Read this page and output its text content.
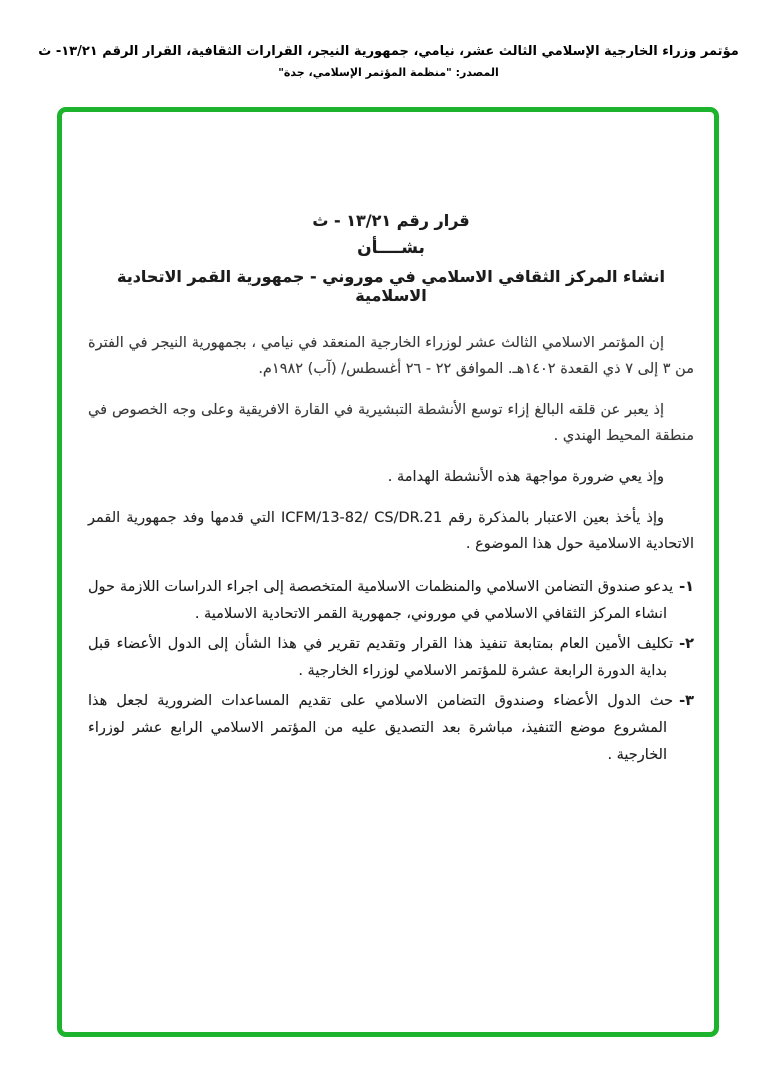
مؤتمر وزراء الخارجية الإسلامي الثالث عشر، نيامي، جمهورية النيجر، القرارات الثقافية، القرار الرقم ١٣/٢١- ث
المصدر: "منظمة المؤتمر الإسلامي، جدة"
قرار رقم ١٣/٢١ - ث
بشــــأن
انشاء المركز الثقافي الاسلامي في موروني - جمهورية القمر الاتحادية الاسلامية

إن المؤتمر الاسلامي الثالث عشر لوزراء الخارجية المنعقد في نيامي ، بجمهورية النيجر في الفترة من ٣ إلى ٧ ذي القعدة ١٤٠٢هـ. الموافق ٢٢ - ٢٦ أغسطس/ (آب) ١٩٨٢م.

إذ يعبر عن قلقه البالغ إزاء توسع الأنشطة التبشيرية في القارة الافريقية وعلى وجه الخصوص في منطقة المحيط الهندي .

وإذ يعي ضرورة مواجهة هذه الأنشطة الهدامة .

وإذ يأخذ بعين الاعتبار بالمذكرة رقم ICFM/13-82/ CS/DR.21 التي قدمها وفد جمهورية القمر الاتحادية الاسلامية حول هذا الموضوع .

١-يدعو صندوق التضامن الاسلامي والمنظمات الاسلامية المتخصصة إلى اجراء الدراسات اللازمة حول انشاء المركز الثقافي الاسلامي في موروني، جمهورية القمر الاتحادية الاسلامية .
٢-تكليف الأمين العام بمتابعة تنفيذ هذا القرار وتقديم تقرير في هذا الشأن إلى الدول الأعضاء قبل بداية الدورة الرابعة عشرة للمؤتمر الاسلامي لوزراء الخارجية .
٣-حث الدول الأعضاء وصندوق التضامن الاسلامي على تقديم المساعدات الضرورية لجعل هذا المشروع موضع التنفيذ، مباشرة بعد التصديق عليه من المؤتمر الاسلامي الرابع عشر لوزراء الخارجية .
